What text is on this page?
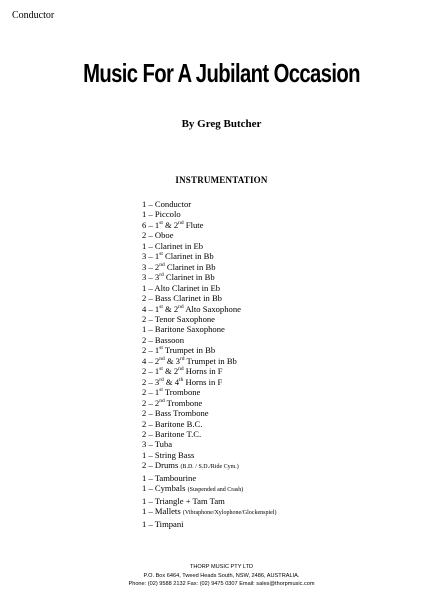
Conductor
Music For A Jubilant Occasion
By Greg Butcher
INSTRUMENTATION
1 – Conductor
1 – Piccolo
6 – 1st & 2nd Flute
2 – Oboe
1 – Clarinet in Eb
3 – 1st Clarinet in Bb
3 – 2nd Clarinet in Bb
3 – 3rd Clarinet in Bb
1 – Alto Clarinet in Eb
2 – Bass Clarinet in Bb
4 – 1st & 2nd Alto Saxophone
2 – Tenor Saxophone
1 – Baritone Saxophone
2 – Bassoon
2 – 1st Trumpet in Bb
4 – 2nd & 3rd Trumpet in Bb
2 – 1st & 2nd Horns in F
2 – 3rd & 4th Horns in F
2 – 1st Trombone
2 – 2nd Trombone
2 – Bass Trombone
2 – Baritone B.C.
2 – Baritone T.C.
3 – Tuba
1 – String Bass
2 – Drums (B.D. / S.D./Ride Cym.)
1 – Tambourine
1 – Cymbals (Suspended and Crash)
1 – Triangle + Tam Tam
1 – Mallets (Vibraphone/Xylophone/Glockenspiel)
1 – Timpani
THORP MUSIC PTY LTD
P.O. Box 6464, Tweed Heads South, NSW, 2486, AUSTRALIA.
Phone: (02) 9588 2132 Fax: (02) 9475 0307 Email: sales@thorpmusic.com
